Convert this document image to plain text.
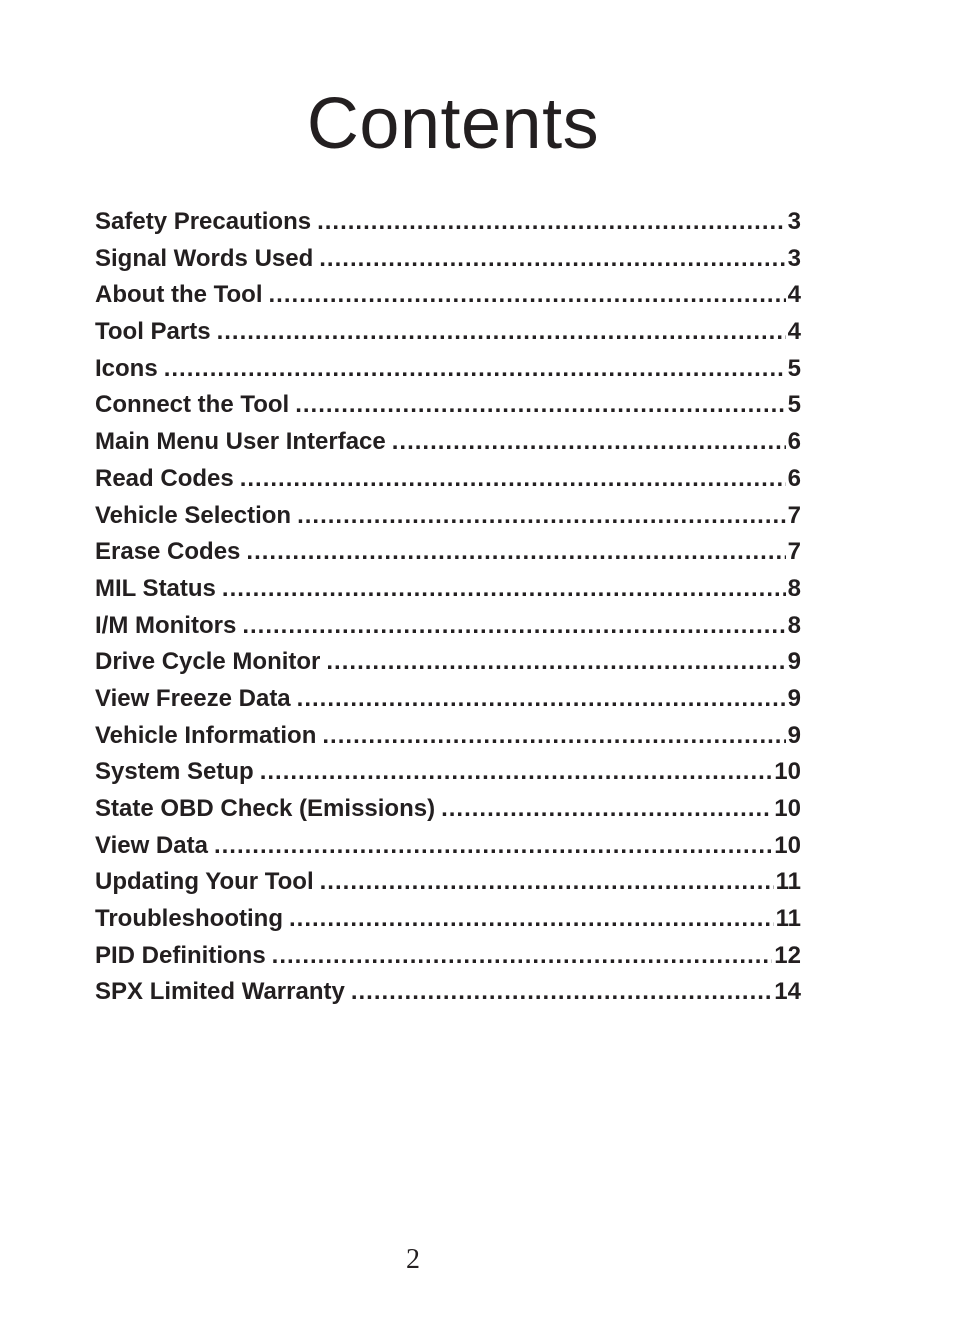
Contents
Safety Precautions .....	3
Signal Words Used .....	3
About the Tool .....	4
Tool Parts .....	4
Icons .....	5
Connect the Tool .....	5
Main Menu User Interface .....	6
Read Codes .....	6
Vehicle Selection .....	7
Erase Codes .....	7
MIL Status .....	8
I/M Monitors .....	8
Drive Cycle Monitor .....	9
View Freeze Data .....	9
Vehicle Information .....	9
System Setup .....	10
State OBD Check (Emissions) .....	10
View Data .....	10
Updating Your Tool .....	11
Troubleshooting .....	11
PID Definitions .....	12
SPX Limited Warranty .....	14
2
